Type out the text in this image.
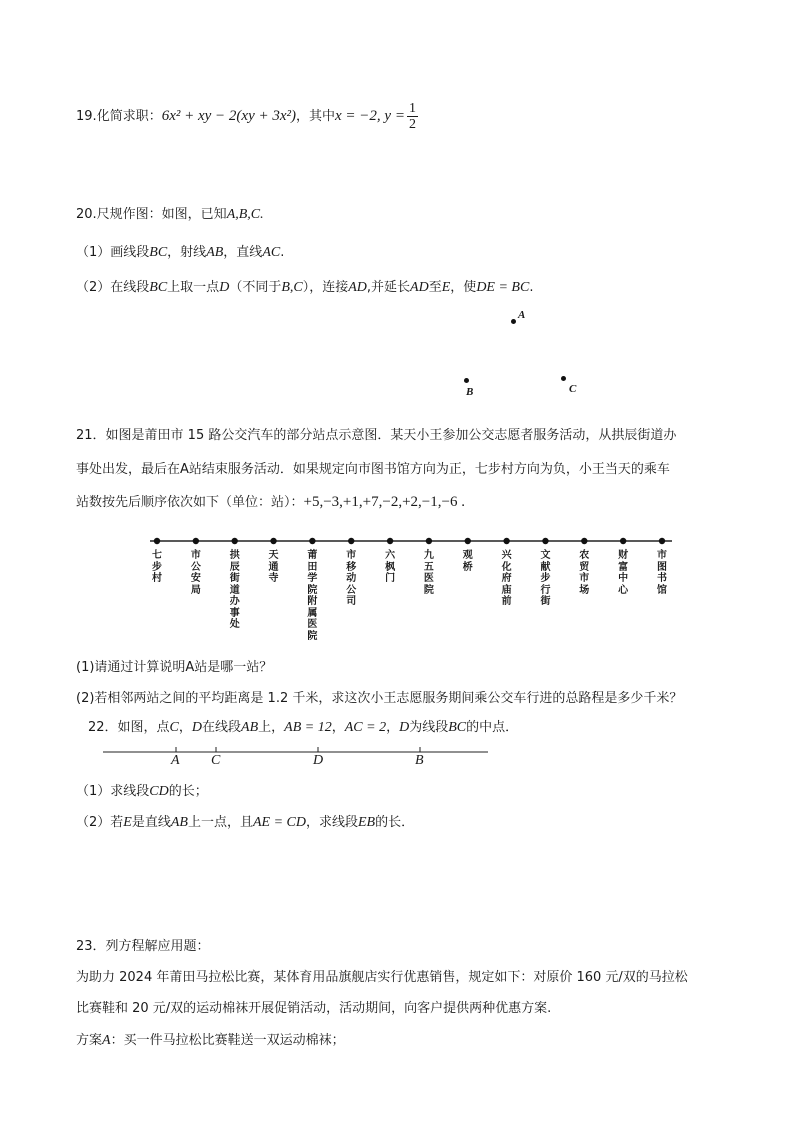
19.化简求职：6x² + xy − 2(xy + 3x²)，其中x = −2, $y = \frac{1}{2}$
20.尺规作图：如图，已知A,B,C.
（1）画线段BC，射线AB，直线AC.
（2）在线段BC上取一点D（不同于B,C），连接AD,并延长AD至E，使DE = BC.
A
B	C
21．如图是莆田市 15 路公交汽车的部分站点示意图．某天小王参加公交志愿者服务活动，从拱辰街道办
事处出发，最后在A站结束服务活动．如果规定向市图书馆方向为正，七步村方向为负，小王当天的乘车
站数按先后顺序依次如下（单位：站）：+5,−3,+1,+7,−2,+2,−1,−6 .
七步村
市公安局
拱辰街道办事处
天通寺
莆田学院附属医院
市移动公司
六枫门
九五医院
观桥
兴化府庙前
文献步行街
农贸市场
财富中心
市图书馆
(1)请通过计算说明A站是哪一站？
(2)若相邻两站之间的平均距离是 1.2 千米，求这次小王志愿服务期间乘公交车行进的总路程是多少千米？
22．如图，点C，D在线段AB上，AB = 12，AC = 2，D为线段BC的中点．
A C	D	B
（1）求线段CD的长；
（2）若E是直线AB上一点，且AE = CD，求线段EB的长．
23．列方程解应用题：
为助力 2024 年莆田马拉松比赛，某体育用品旗舰店实行优惠销售，规定如下：对原价 160 元/双的马拉松
比赛鞋和 20 元/双的运动棉袜开展促销活动，活动期间，向客户提供两种优惠方案.
方案A：买一件马拉松比赛鞋送一双运动棉袜；
